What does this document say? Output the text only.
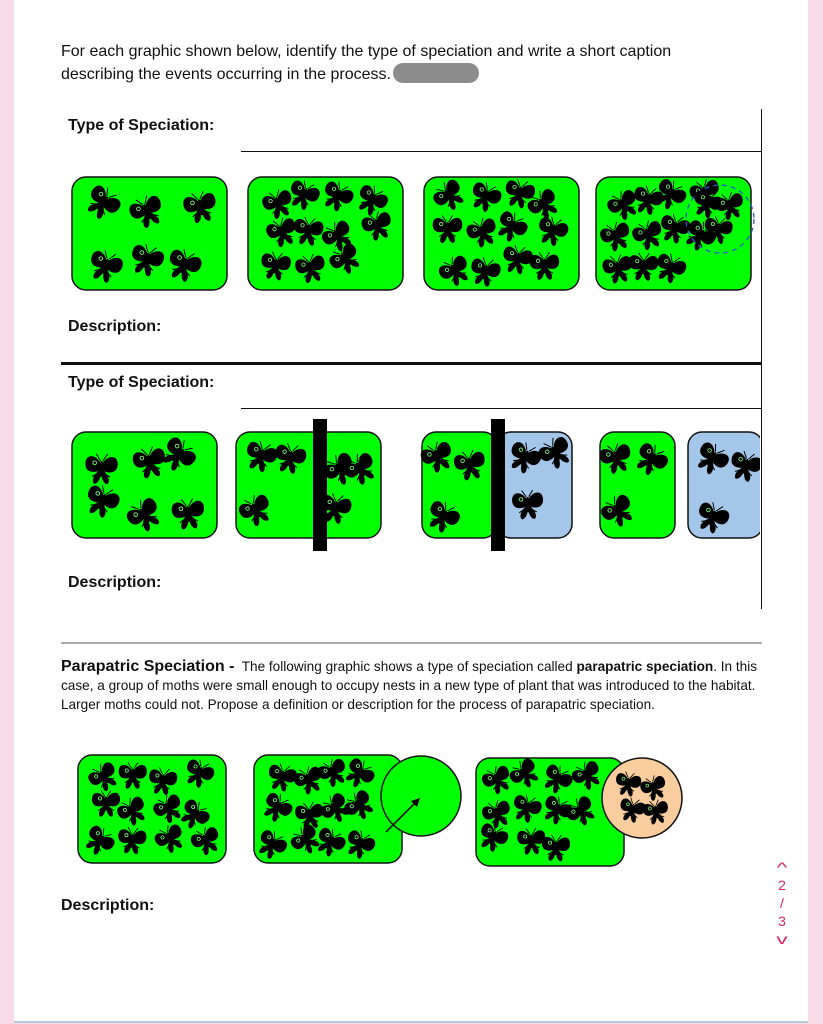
For each graphic shown below, identify the type of speciation and write a short caption describing the events occurring in the process.
Type of Speciation:
Description:
Type of Speciation:
Description:
Parapatric Speciation - The following graphic shows a type of speciation called parapatric speciation. In this case, a group of moths were small enough to occupy nests in a new type of plant that was introduced to the habitat. Larger moths could not. Propose a definition or description for the process of parapatric speciation.
Description:
^
2
/
3
v
